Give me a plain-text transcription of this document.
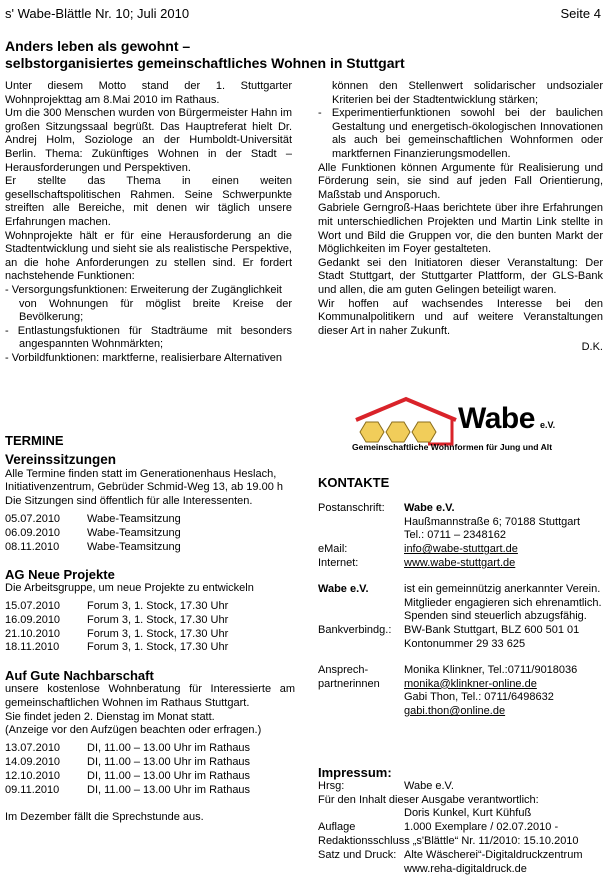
s' Wabe-Blättle Nr. 10; Juli 2010	Seite 4
Anders leben als gewohnt –
selbstorganisiertes gemeinschaftliches Wohnen in Stuttgart

Unter diesem Motto stand der 1. Stuttgarter Wohnprojekttag am 8.Mai 2010 im Rathaus.

Um die 300 Menschen wurden von Bürgermeister Hahn im großen Sitzungssaal begrüßt. Das Hauptreferat hielt Dr. Andrej Holm, Soziologe an der Humboldt-Universität Berlin. Thema: Zukünftiges Wohnen in der Stadt – Herausforderungen und Perspektiven.

Er stellte das Thema in einen weiten gesellschaftspolitischen Rahmen. Seine Schwerpunkte streiften alle Bereiche, mit denen wir täglich unsere Erfahrungen machen.

Wohnprojekte hält er für eine Herausforderung an die Stadtentwicklung und sieht sie als realistische Perspektive, an die hohe Anforderungen zu stellen sind. Er fordert nachstehende Funktionen:

- Versorgungsfunktionen: Erweiterung der Zugänglichkeit

von Wohnungen für möglist breite Kreise der Bevölkerung;

- Entlastungsfuktionen für Stadträume mit besonders angespannten Wohnmärkten;

- Vorbildfunktionen: marktferne, realisierbare Alternativen

können den Stellenwert solidarischer undsozialer Kriterien bei der Stadtentwicklung stärken;

- Experimentierfunktionen sowohl bei der baulichen Gestaltung und energetisch-ökologischen Innovationen als auch bei gemeinschaftlichen Wohnformen oder marktfernen Finanzierungsmodellen.

Alle Funktionen können Argumente für Realisierung und Förderung sein, sie sind auf jeden Fall Orientierung, Maßstab und Ansporuch.

Gabriele Gerngroß-Haas berichtete über ihre Erfahrungen mit unterschiedlichen Projekten und Martin Link stellte in Wort und Bild die Gruppen vor, die den bunten Markt der Möglichkeiten im Foyer gestalteten.

Gedankt sei den Initiatoren dieser Veranstaltung: Der Stadt Stuttgart, der Stuttgarter Plattform, der GLS-Bank und allen, die am guten Gelingen beteiligt waren.

Wir hoffen auf wachsendes Interesse bei den Kommunalpolitikern und auf weitere Veranstaltungen dieser Art in naher Zukunft.

D.K.

TERMINE
Vereinssitzungen
Alle Termine finden statt im Generationenhaus Heslach, Initiativenzentrum, Gebrüder Schmid-Weg 13, ab 19.00 h
Die Sitzungen sind öffentlich für alle Interessenten.
05.07.2010	Wabe-Teamsitzung
06.09.2010	Wabe-Teamsitzung
08.11.2010	Wabe-Teamsitzung
AG Neue Projekte
Die Arbeitsgruppe, um neue Projekte zu entwickeln
15.07.2010	Forum 3, 1. Stock, 17.30 Uhr
16.09.2010	Forum 3, 1. Stock, 17.30 Uhr
21.10.2010	Forum 3, 1. Stock, 17.30 Uhr
18.11.2010	Forum 3, 1. Stock, 17.30 Uhr
Auf Gute Nachbarschaft
unsere kostenlose Wohnberatung für Interessierte am gemeinschaftlichen Wohnen im Rathaus Stuttgart.
Sie findet jeden 2. Dienstag im Monat statt.
(Anzeige vor den Aufzügen beachten oder erfragen.)
13.07.2010	DI, 11.00 – 13.00 Uhr im Rathaus
14.09.2010	DI, 11.00 – 13.00 Uhr im Rathaus
12.10.2010	DI, 11.00 – 13.00 Uhr im Rathaus
09.11.2010	DI, 11.00 – 13.00 Uhr im Rathaus
Im Dezember fällt die Sprechstunde aus.
Wabe e.V.
Gemeinschaftliche Wohnformen für Jung und Alt
KONTAKTE
Postanschrift:	Wabe e.V.
Haußmannstraße 6; 70188 Stuttgart
Tel.: 0711 – 2348162
eMail:	info@wabe-stuttgart.de
Internet:	www.wabe-stuttgart.de
Wabe e.V.	ist ein gemeinnützig anerkannter Verein. Mitglieder engagieren sich ehrenamtlich. Spenden sind steuerlich abzugsfähig.
Bankverbindg.:	BW-Bank Stuttgart, BLZ 600 501 01
Kontonummer 29 33 625
Ansprech-
partnerinnen
Monika Klinkner, Tel.:0711/9018036
monika@klinkner-online.de
Gabi Thon, Tel.: 0711/6498632
gabi.thon@online.de
Impressum:
Hrsg:	Wabe e.V.
Für den Inhalt dieser Ausgabe verantwortlich:
Doris Kunkel, Kurt Kühfuß
Auflage	1.000 Exemplare / 02.07.2010 -
Redaktionsschluss „s'Blättle“ Nr. 11/2010: 15.10.2010
Satz und Druck: Alte Wäscherei“-Digitaldruckzentrum
www.reha-digitaldruck.de
